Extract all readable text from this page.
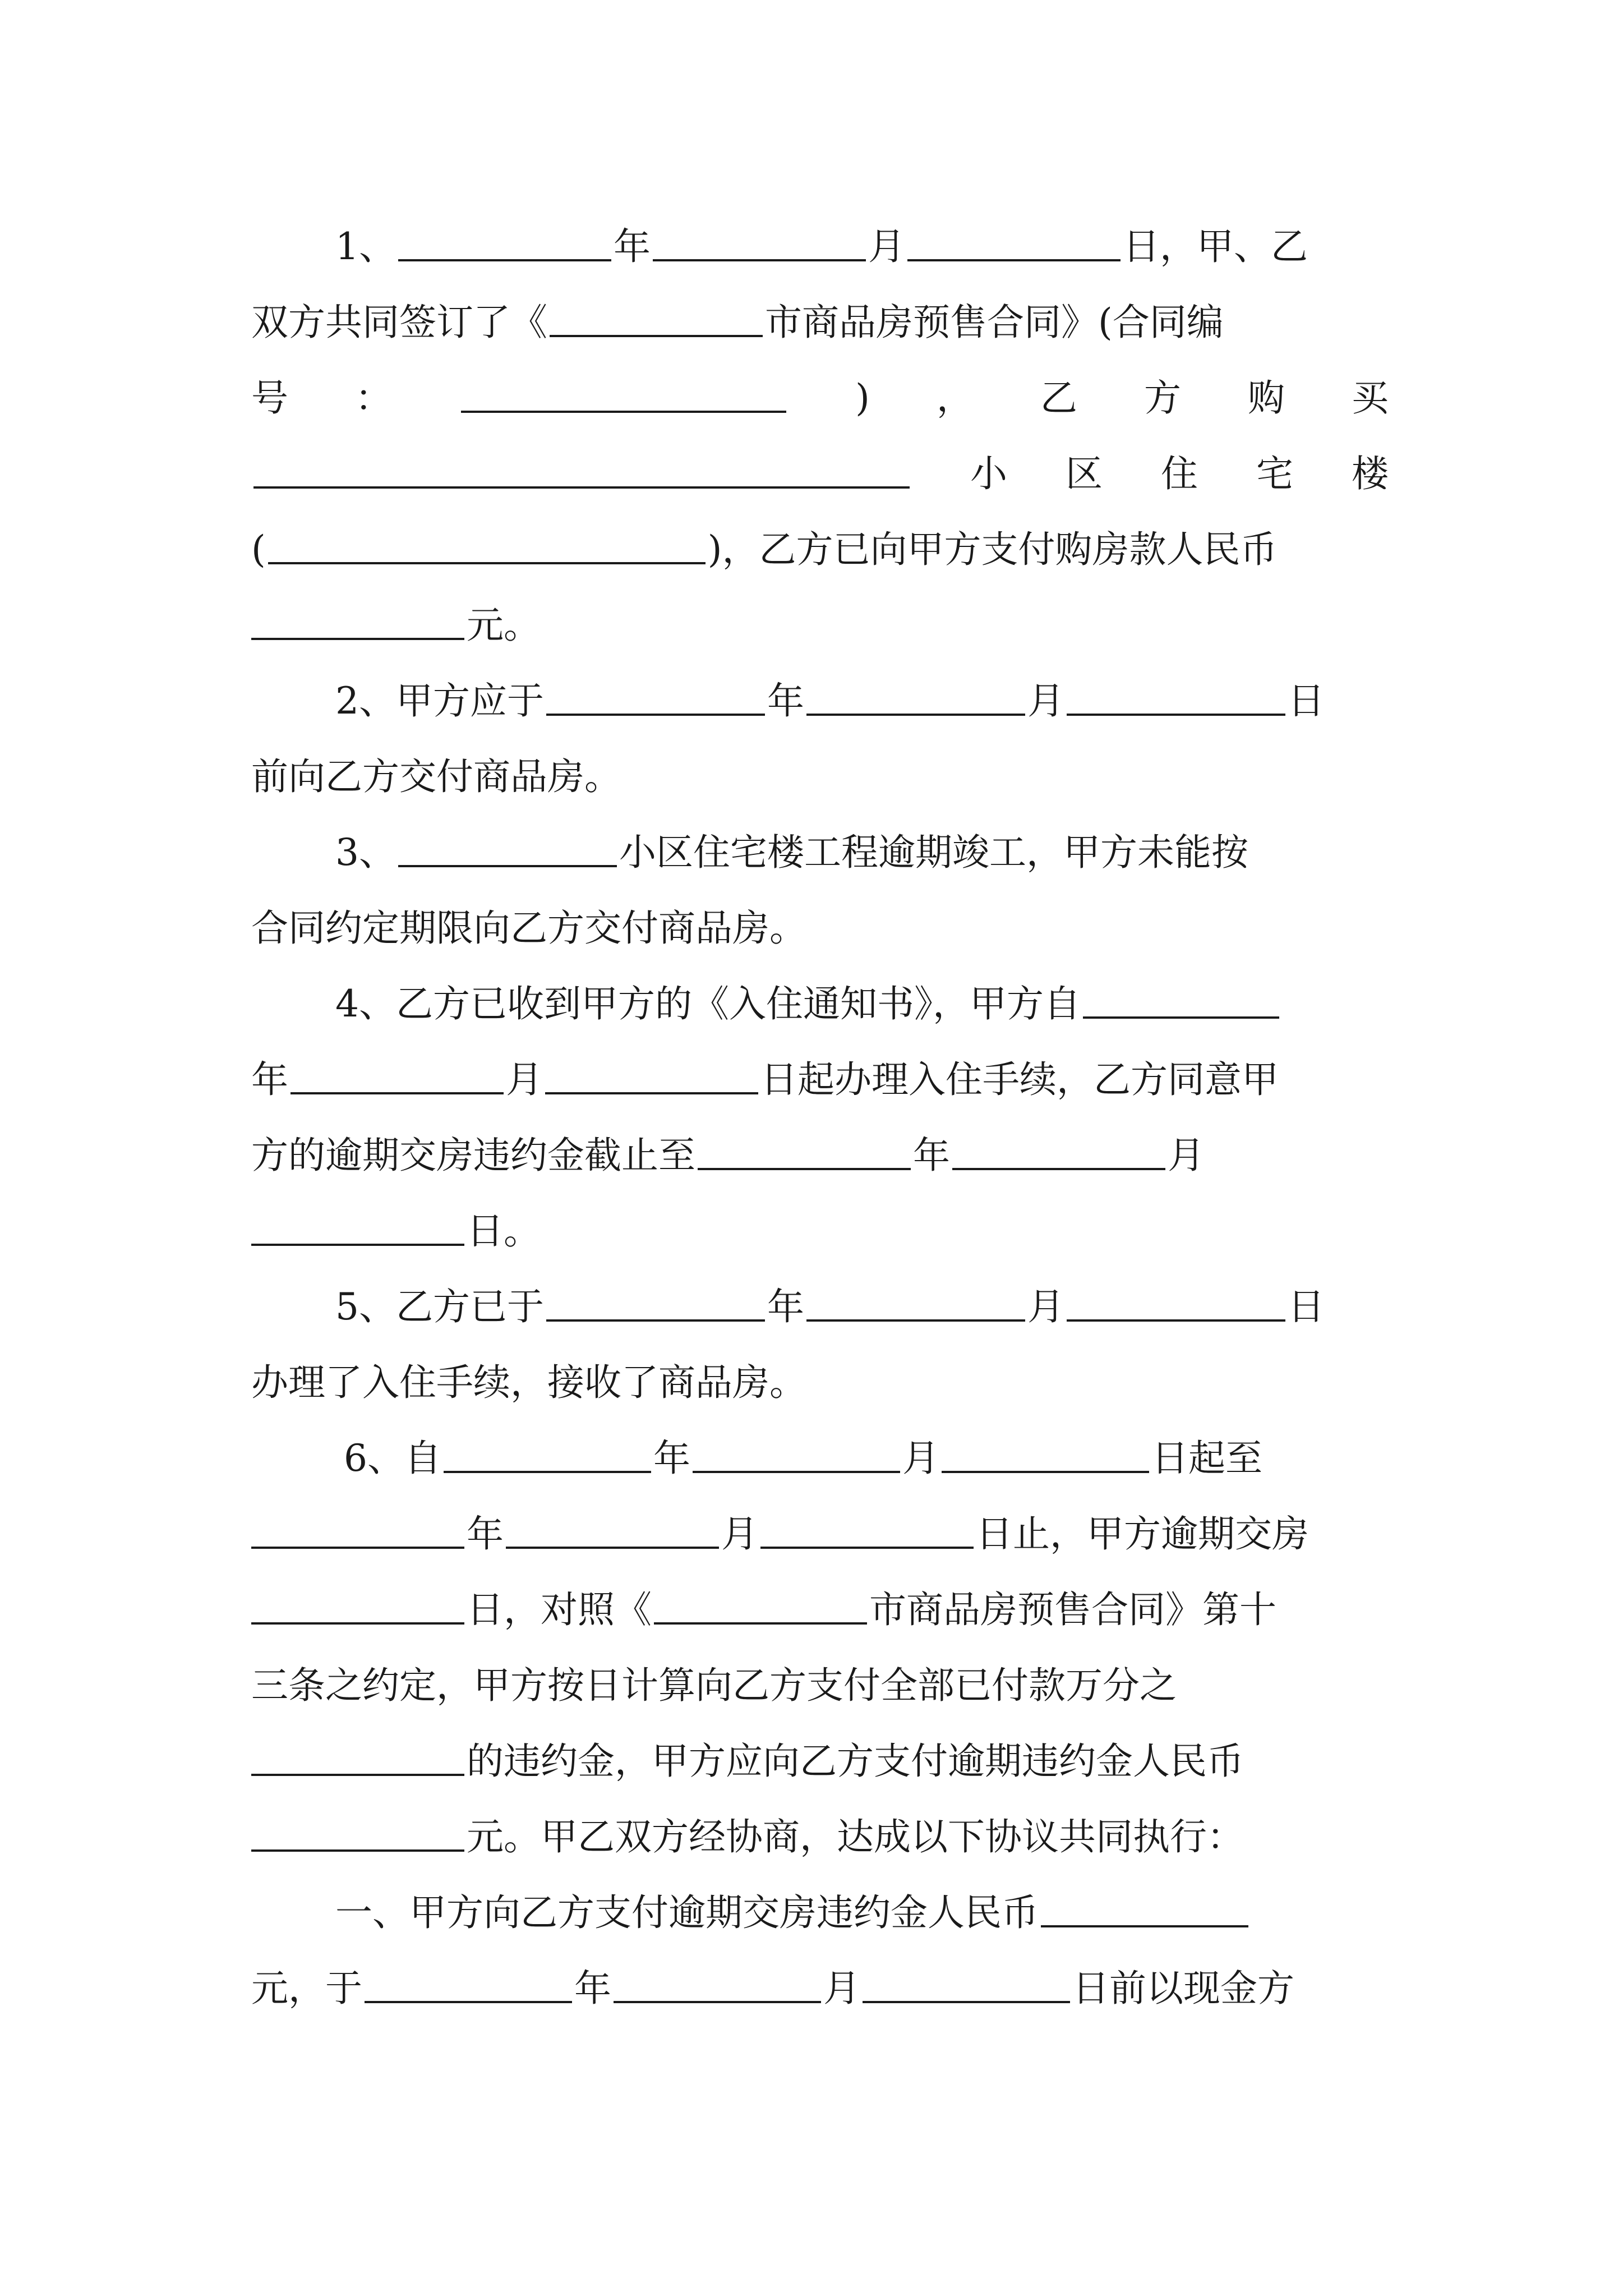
1、	年	月	日，甲、乙
双方共同签订了《	市商品房预售合同》(合同编
号 ：	) ， 乙 方 购 买
小 区 住 宅 楼
(	)，乙方已向甲方支付购房款人民币
元。
2、甲方应于	年	月	日
前向乙方交付商品房。
3、	小区住宅楼工程逾期竣工，甲方未能按
合同约定期限向乙方交付商品房。
4、乙方已收到甲方的《入住通知书》，甲方自
年	月	日起办理入住手续，乙方同意甲
方的逾期交房违约金截止至	年	月
日。
5、乙方已于	年	月	日
办理了入住手续，接收了商品房。
6、自	年	月	日起至
年	月	日止，甲方逾期交房
日，对照《	市商品房预售合同》第十
三条之约定，甲方按日计算向乙方支付全部已付款万分之
的违约金，甲方应向乙方支付逾期违约金人民币
元。甲乙双方经协商，达成以下协议共同执行：
一、甲方向乙方支付逾期交房违约金人民币
元，于	年	月	日前以现金方
